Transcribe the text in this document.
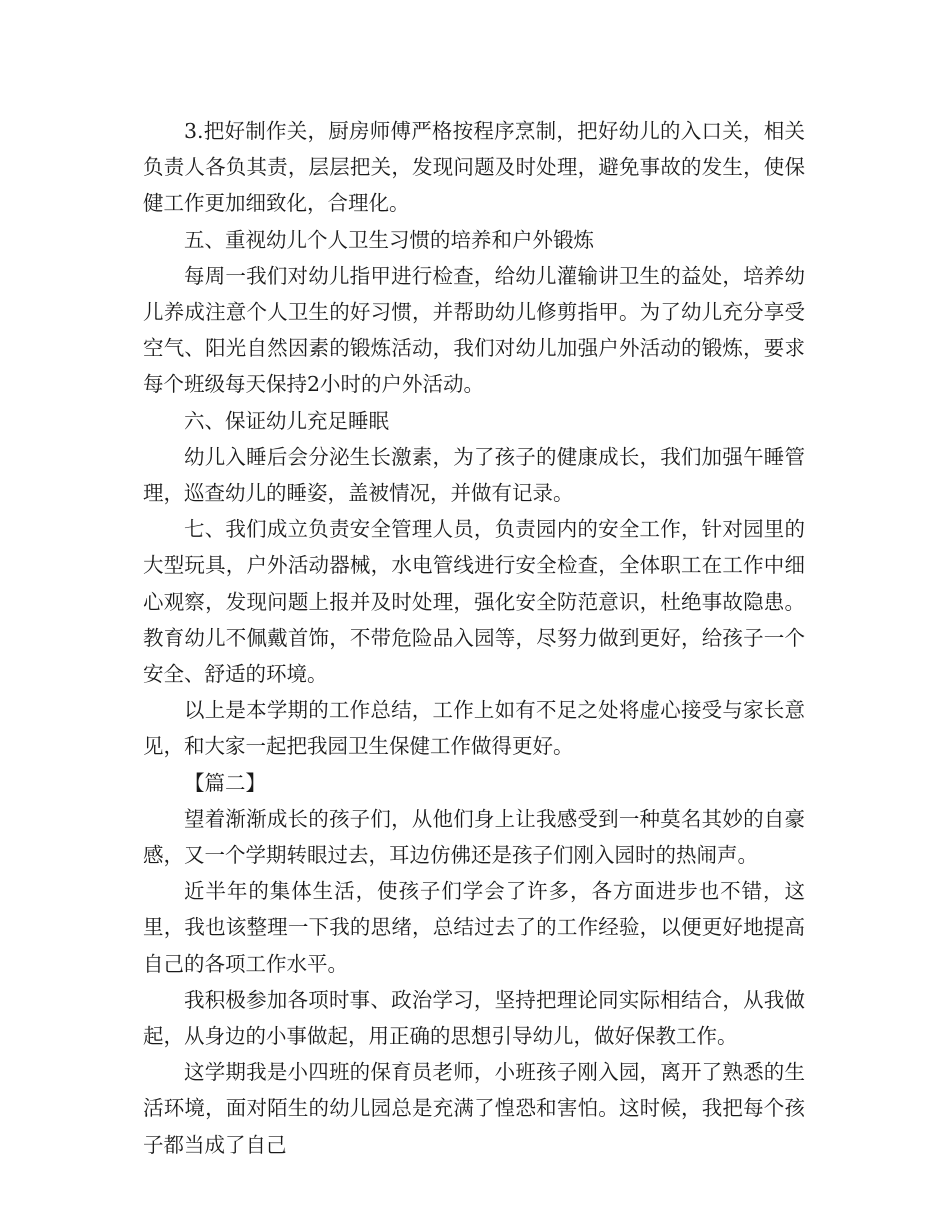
3.把好制作关，厨房师傅严格按程序烹制，把好幼儿的入口关，相关负责人各负其责，层层把关，发现问题及时处理，避免事故的发生，使保健工作更加细致化，合理化。

五、重视幼儿个人卫生习惯的培养和户外锻炼

每周一我们对幼儿指甲进行检查，给幼儿灌输讲卫生的益处，培养幼儿养成注意个人卫生的好习惯，并帮助幼儿修剪指甲。为了幼儿充分享受空气、阳光自然因素的锻炼活动，我们对幼儿加强户外活动的锻炼，要求每个班级每天保持2小时的户外活动。

六、保证幼儿充足睡眠

幼儿入睡后会分泌生长激素，为了孩子的健康成长，我们加强午睡管理，巡查幼儿的睡姿，盖被情况，并做有记录。

七、我们成立负责安全管理人员，负责园内的安全工作，针对园里的大型玩具，户外活动器械，水电管线进行安全检查，全体职工在工作中细心观察，发现问题上报并及时处理，强化安全防范意识，杜绝事故隐患。教育幼儿不佩戴首饰，不带危险品入园等，尽努力做到更好，给孩子一个安全、舒适的环境。

以上是本学期的工作总结，工作上如有不足之处将虚心接受与家长意见，和大家一起把我园卫生保健工作做得更好。

【篇二】

望着渐渐成长的孩子们，从他们身上让我感受到一种莫名其妙的自豪感，又一个学期转眼过去，耳边仿佛还是孩子们刚入园时的热闹声。

近半年的集体生活，使孩子们学会了许多，各方面进步也不错，这里，我也该整理一下我的思绪，总结过去了的工作经验，以便更好地提高自己的各项工作水平。

我积极参加各项时事、政治学习，坚持把理论同实际相结合，从我做起，从身边的小事做起，用正确的思想引导幼儿，做好保教工作。

这学期我是小四班的保育员老师，小班孩子刚入园，离开了熟悉的生活环境，面对陌生的幼儿园总是充满了惶恐和害怕。这时候，我把每个孩子都当成了自己
